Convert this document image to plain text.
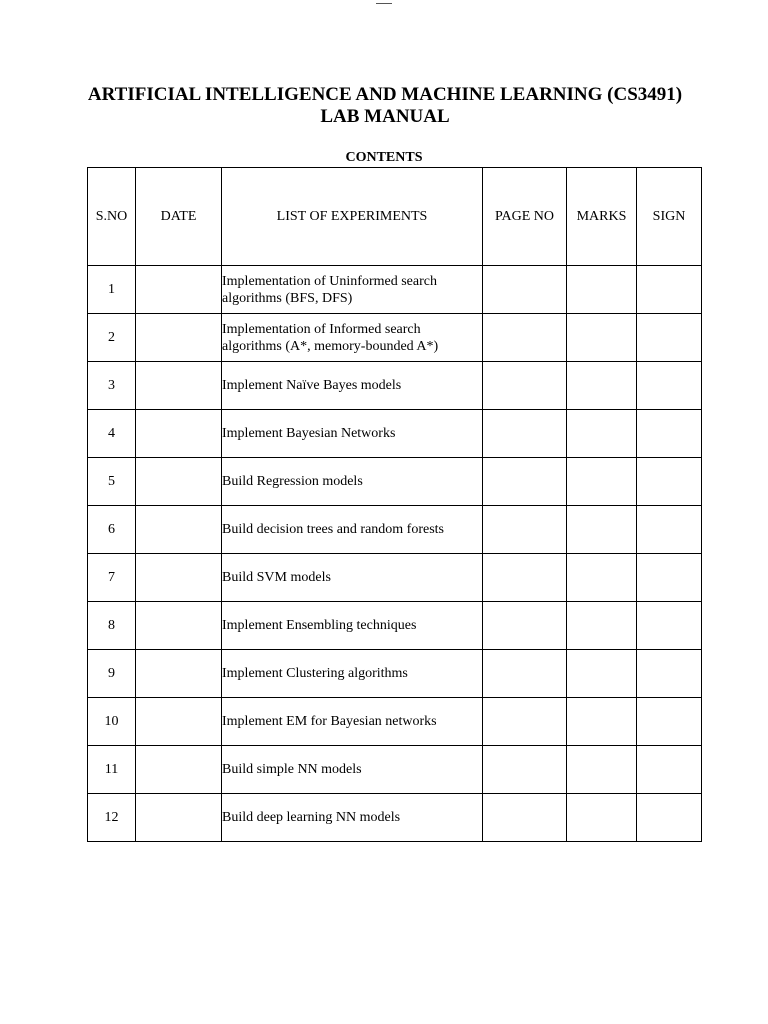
ARTIFICIAL INTELLIGENCE AND MACHINE LEARNING (CS3491) LAB MANUAL
CONTENTS
S.NO	DATE	LIST OF EXPERIMENTS	PAGE NO	MARKS	SIGN
1		Implementation of Uninformed search algorithms (BFS, DFS)			
2		Implementation of Informed search algorithms (A*, memory-bounded A*)			
3		Implement Naïve Bayes models			
4		Implement Bayesian Networks			
5		Build Regression models			
6		Build decision trees and random forests			
7		Build SVM models			
8		Implement Ensembling techniques			
9		Implement Clustering algorithms			
10		Implement EM for Bayesian networks			
11		Build simple NN models			
12		Build deep learning NN models			
